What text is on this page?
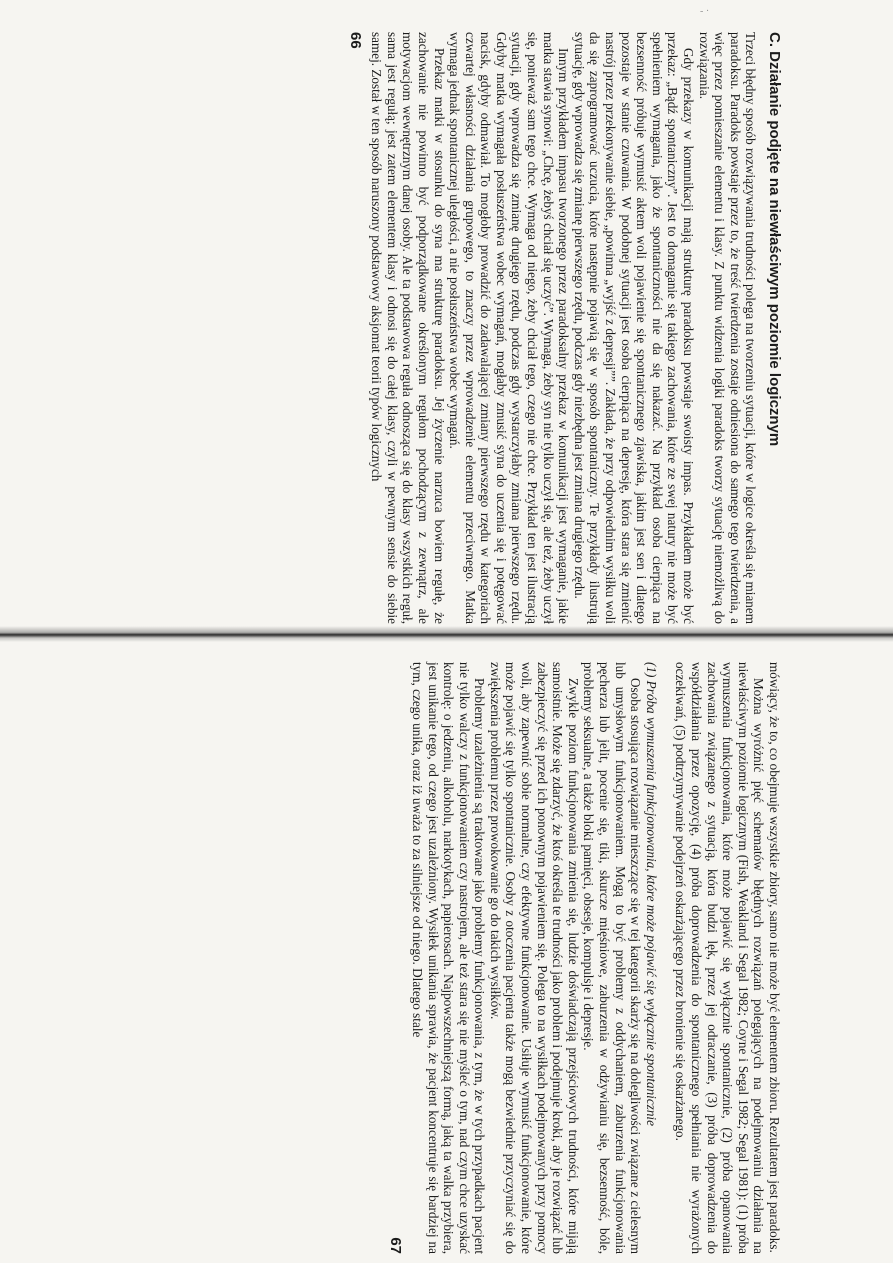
- ·
C. Działanie podjęte na niewłaściwym poziomie logicznym

Trzeci błędny sposób rozwiązywania trudności polega na tworzeniu sytuacji, które w logice określa się mianem paradoksu. Paradoks powstaje przez to, że treść twierdzenia zostaje odniesiona do samego tego twierdzenia, a więc przez pomieszanie elementu i klasy. Z punktu widzenia logiki paradoks tworzy sytuację niemożliwą do rozwiązania.

Gdy przekazy w komunikacji mają strukturę paradoksu powstaje swoisty impas. Przykładem może być przekaz: „Bądź spontaniczny”. Jest to domaganie się takiego zachowania, które ze swej natury nie może być spełnieniem wymagania, jako że spontaniczności nie da się nakazać. Na przykład osoba cierpiąca na bezsenność próbuje wymusić aktem woli pojawienie się spontanicznego zjawiska, jakim jest sen i dlatego pozostaje w stanie czuwania. W podobnej sytuacji jest osoba cierpiąca na depresję, która stara się zmienić nastrój przez przekonywanie siebie, „powinna „wyjść z depresji””. Zakłada, że przy odpowiednim wysiłku woli da się zaprogramować uczucia, które następnie pojawią się w sposób spontaniczny. Te przykłady ilustrują sytuację, gdy wprowadza się zmianę pierwszego rzędu, podczas gdy niezbędna jest zmiana drugiego rzędu.

Innym przykładem impasu tworzonego przez paradoksalny przekaz w komunikacji jest wymaganie, jakie matka stawia synowi: „Chcę, żebyś chciał się uczyć”. Wymaga, żeby syn nie tylko uczył się, ale też, żeby uczył się, ponieważ sam tego chce. Wymaga od niego, żeby chciał tego, czego nie chce. Przykład ten jest ilustracją sytuacji, gdy wprowadza się zmianę drugiego rzędu, podczas gdy wystarczyłaby zmiana pierwszego rzędu. Gdyby matka wymagała posłuszeństwa wobec wymagań, mogłaby zmusić syna do uczenia się i potęgować nacisk, gdyby odmawiał. To mogłoby prowadzić do zadawalającej zmiany pierwszego rzędu w kategoriach czwartej własności działania grupowego, to znaczy przez wprowadzenie elementu przeciwnego. Matka wymaga jednak spontanicznej uległości, a nie posłuszeństwa wobec wymagań.

Przekaz matki w stosunku do syna ma strukturę paradoksu. Jej życzenie narzuca bowiem regułę, że zachowanie nie powinno być podporządkowane określonym regułom pochodzącym z zewnątrz, ale motywacjom wewnętrznym danej osoby. Ale ta podstawowa reguła odnosząca się do klasy wszystkich reguł, sama jest regułą; jest zatem elementem klasy i odnosi się do całej klasy, czyli w pewnym sensie do siebie samej. Został w ten sposób naruszony podstawowy aksjomat teorii typów logicznych

66

mówiący, że to, co obejmuje wszystkie zbiory, samo nie może być elementem zbioru. Rezultatem jest paradoks.

Można wyróżnić pięć schematów błędnych rozwiązań polegających na podejmowaniu działania na niewłaściwym poziomie logicznym (Fish, Weakland i Segal 1982; Coyne i Segal 1982; Segal 1981): (1) próba wymuszenia funkcjonowania, które może pojawić się wyłącznie spontanicznie, (2) próba opanowania zachowania związanego z sytuacją, która budzi lęk, przez jej odraczanie, (3) próba doprowadzenia do współdziałania przez opozycję, (4) próba doprowadzenia do spontanicznego spełniania nie wyrażonych oczekiwań, (5) podtrzymywanie podejrzeń oskarżającego przez bronienie się oskarżanego.

(1) Próba wymuszenia funkcjonowania, które może pojawić się wyłącznie spontanicznie

Osoba stosująca rozwiązanie mieszczące się w tej kategorii skarży się na dolegliwości związane z cielesnym lub umysłowym funkcjonowaniem. Mogą to być problemy z oddychaniem, zaburzenia funkcjonowania pęcherza lub jelit, pocenie się, tiki, skurcze mięśniowe, zaburzenia w odżywianiu się, bezsenność, bóle, problemy seksualne, a także bloki pamięci, obsesje, kompulsje i depresje.

Zwykle poziom funkcjonowania zmienia się, ludzie doświadczają przejściowych trudności, które mijają samoistnie. Może się zdarzyć, że ktoś określa te trudności jako problem i podejmuje kroki, aby je rozwiązać lub zabezpieczyć się przed ich ponownym pojawieniem się. Polega to na wysiłkach podejmowanych przy pomocy woli, aby zapewnić sobie normalne, czy efektywne funkcjonowanie. Usiłuje wymusić funkcjonowanie, które może pojawić się tylko spontanicznie. Osoby z otoczenia pacjenta także mogą bezwiednie przyczyniać się do zwiększenia problemu przez prowokowanie go do takich wysiłków.

Problemy uzależnienia są traktowane jako problemy funkcjonowania, z tym, że w tych przypadkach pacjent nie tylko walczy z funkcjonowaniem czy nastrojem, ale też stara się nie myśleć o tym, nad czym chce uzyskać kontrolę: o jedzeniu, alkoholu, narkotykach, papierosach. Najpowszechniejszą formą, jaką ta walka przybiera, jest unikanie tego, od czego jest uzależniony. Wysiłek unikania sprawia, że pacjent koncentruje się bardziej na tym, czego unika, oraz iż uważa to za silniejsze od niego. Dlatego stale

67
